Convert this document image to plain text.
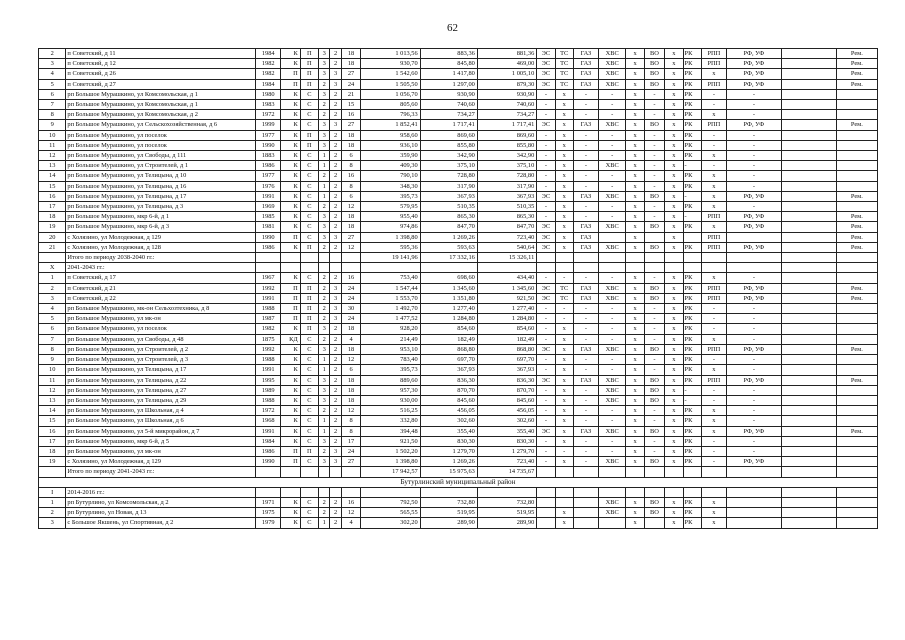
62
2	п Советский, д 11	1984	К	П	3	2	18	1 013,56	883,36	881,36	ЭС	ТС	ГАЗ	ХВС	х	ВО	х	РК	РПП	РФ, УФ		Рем.
3	п Советский, д 12	1982	К	П	3	2	18	930,70	845,80	469,00	ЭС	ТС	ГАЗ	ХВС	х	ВО	х	РК	РПП	РФ, УФ		Рем.
4	п Советский, д 26	1982	П	П	3	3	27	1 542,60	1 417,80	1 005,10	ЭС	ТС	ГАЗ	ХВС	х	ВО	х	РК	х	РФ, УФ		Рем.
5	п Советский, д 27	1984	П	П	2	3	24	1 505,50	1 297,00	879,30	ЭС	ТС	ГАЗ	ХВС	х	ВО	х	РК	РПП	РФ, УФ		Рем.
6	рп Большое Мурашкино, ул Комсомольская, д 1	1980	К	С	3	2	21	1 056,70	930,90	930,90	-	х	-	-	х	-	х	РК	-	-		
7	рп Большое Мурашкино, ул Комсомольская, д 1	1983	К	С	2	2	15	805,60	740,60	740,60	-	х	-	-	х	-	х	РК	-	-		
8	рп Большое Мурашкино, ул Комсомольская, д 2	1972	К	С	2	2	16	796,33	734,27	734,27	-	х	-	-	х	-	х	РК	х	-		
9	рп Большое Мурашкино, ул Сельскохозяйственная, д 6	1999	К	С	3	3	27	1 852,41	1 717,41	1 717,41	ЭС	х	ГАЗ	ХВС	х	ВО	х	РК	РПП	РФ, УФ		Рем.
10	рп Большое Мурашкино, ул поселок	1977	К	П	3	2	18	958,60	869,60	869,60	-	х	-	-	х	-	х	РК	-	-		
11	рп Большое Мурашкино, ул поселок	1990	К	П	3	2	18	936,10	855,80	855,80	-	х	-	-	х	-	х	РК	-	-		
12	рп Большое Мурашкино, ул Свободы, д 111	1883	К	С	1	2	6	359,90	342,90	342,90	-	х	-	-	х	-	х	РК	х	-		
13	рп Большое Мурашкино, ул Строителей, д 1	1986	К	С	1	2	8	409,30	375,10	375,10	-	х	-	ХВС	х	-	х	-	-	-		
14	рп Большое Мурашкино, ул Телицына, д 10	1977	К	С	2	2	16	790,10	728,80	728,80	-	х	-	-	х	-	х	РК	х	-		
15	рп Большое Мурашкино, ул Телицына, д 16	1976	К	С	1	2	8	348,30	317,90	317,90	-	х	-	-	х	-	х	РК	х	-		
16	рп Большое Мурашкино, ул Телицына, д 17	1991	К	С	1	2	6	395,73	367,93	367,93	ЭС	х	ГАЗ	ХВС	х	ВО	х	-	х	РФ, УФ		Рем.
17	рп Большое Мурашкино, ул Телицына, д 3	1969	К	С	2	2	12	579,95	510,35	510,35	-	х	-	-	х	-	х	РК	х	-		
18	рп Большое Мурашкино, мкр 6-й, д 1	1985	К	С	3	2	18	955,40	865,30	865,30	-	х	-	-	х	-	х	-	РПП	РФ, УФ		Рем.
19	рп Большое Мурашкино, мкр 6-й, д 3	1981	К	С	3	2	18	974,86	847,70	847,70	ЭС	х	ГАЗ	ХВС	х	ВО	х	РК	х	РФ, УФ		Рем.
20	с Холязино, ул Молодежная, д 129	1990	П	С	3	3	27	1 398,80	1 269,26	723,40	ЭС	х	ГАЗ		х		х		РПП			Рем.
21	с Холязино, ул Молодежная, д 128	1986	К	П	2	2	12	595,36	593,63	540,64	ЭС	х	ГАЗ	ХВС	х	ВО	х	РК	РПП	РФ, УФ		Рем.
	Итого по периоду 2038-2040 гг.:							19 141,96	17 332,16	15 326,11												
X	2041-2043 гг.:																					
1	п Советский, д 17	1967	К	С	2	2	16	753,40	698,60	434,40	-	-	-	-	х	-	х	РК	х	-		
2	п Советский, д 21	1992	П	П	2	3	24	1 547,44	1 345,60	1 345,60	ЭС	ТС	ГАЗ	ХВС	х	ВО	х	РК	РПП	РФ, УФ		Рем.
3	п Советский, д 22	1991	П	П	2	3	24	1 553,70	1 351,80	921,50	ЭС	ТС	ГАЗ	ХВС	х	ВО	х	РК	РПП	РФ, УФ		Рем.
4	рп Большое Мурашкино, мк-он Сельхозтехника, д 8	1988	П	П	2	3	30	1 492,70	1 277,40	1 277,40	-	-	-	-	х	-	х	РК	-	-		
5	рп Большое Мурашкино, ул мк-он	1987	П	П	2	3	24	1 477,52	1 284,80	1 284,80	-	-	-	-	х	-	х	РК	-	-		
6	рп Большое Мурашкино, ул поселок	1982	К	П	3	2	18	928,20	854,60	854,60	-	х	-	-	х	-	х	РК	-	-		
7	рп Большое Мурашкино, ул Свободы, д 48	1875	КД	С	2	2	4	214,49	182,49	182,49	-	х	-	-	х	-	х	РК	х	-		
8	рп Большое Мурашкино, ул Строителей, д 2	1992	К	С	3	2	18	953,10	868,80	868,80	ЭС	х	ГАЗ	ХВС	х	ВО	х	РК	РПП	РФ, УФ		Рем.
9	рп Большое Мурашкино, ул Строителей, д 3	1988	К	С	1	2	12	783,40	697,70	697,70	-	х	-	-	х	-	х	РК	-	-		
10	рп Большое Мурашкино, ул Телицына, д 17	1991	К	С	1	2	6	395,73	367,93	367,93	-	х	-	-	х	-	х	РК	х	-		
11	рп Большое Мурашкино, ул Телицына, д 22	1995	К	С	3	2	18	889,60	836,30	836,30	ЭС	х	ГАЗ	ХВС	х	ВО	х	РК	РПП	РФ, УФ		Рем.
12	рп Большое Мурашкино, ул Телицына, д 27	1989	К	С	3	2	18	957,30	870,70	870,70	-	х	-	ХВС	х	ВО	х	-	-	-		
13	рп Большое Мурашкино, ул Телицына, д 29	1988	К	С	3	2	18	930,00	845,60	845,60	-	х	-	ХВС	х	ВО	х	-	-	-		
14	рп Большое Мурашкино, ул Школьная, д 4	1972	К	С	2	2	12	516,25	456,05	456,05	-	х	-	-	х	-	х	РК	х	-		
15	рп Большое Мурашкино, ул Школьная, д 6	1968	К	С	1	2	8	332,80	302,60	302,60	-	х	-	-	х	-	х	РК	х	-		
16	рп Большое Мурашкино, ул 5-й микрорайон, д 7	1991	К	С	1	2	8	394,48	355,40	355,40	ЭС	х	ГАЗ	ХВС	х	ВО	х	РК	х	РФ, УФ		Рем.
17	рп Большое Мурашкино, мкр 6-й, д 5	1984	К	С	3	2	17	921,50	830,30	830,30	-	х	-	-	х	-	х	РК	-	-		
18	рп Большое Мурашкино, ул мк-он	1986	П	П	2	3	24	1 502,20	1 279,70	1 279,70	-	-	-	-	х	-	х	РК	-	-		
19	с Холязино, ул Молодежная, д 129	1990	П	С	3	3	27	1 398,80	1 269,26	723,40	-	х	-	ХВС	х	ВО	х	РК	-	РФ, УФ		
	Итого по периоду 2041-2043 гг.:							17 942,57	15 975,63	14 735,67												
Бутурлинский муниципальный район																						
I	2014-2016 гг.:																					
1	рп Бутурлино, ул Комсомольская, д 2	1971	К	С	2	2	16	792,50	732,80	732,80				ХВС	х	ВО	х	РК	х			
2	рп Бутурлино, ул Новая, д 13	1975	К	С	2	2	12	565,55	519,95	519,95		х		ХВС	х	ВО	х	РК	х			
3	с Большое Якшень, ул Спортивная, д 2	1979	К	С	1	2	4	302,20	289,90	289,90		х			х		х	РК	х			
